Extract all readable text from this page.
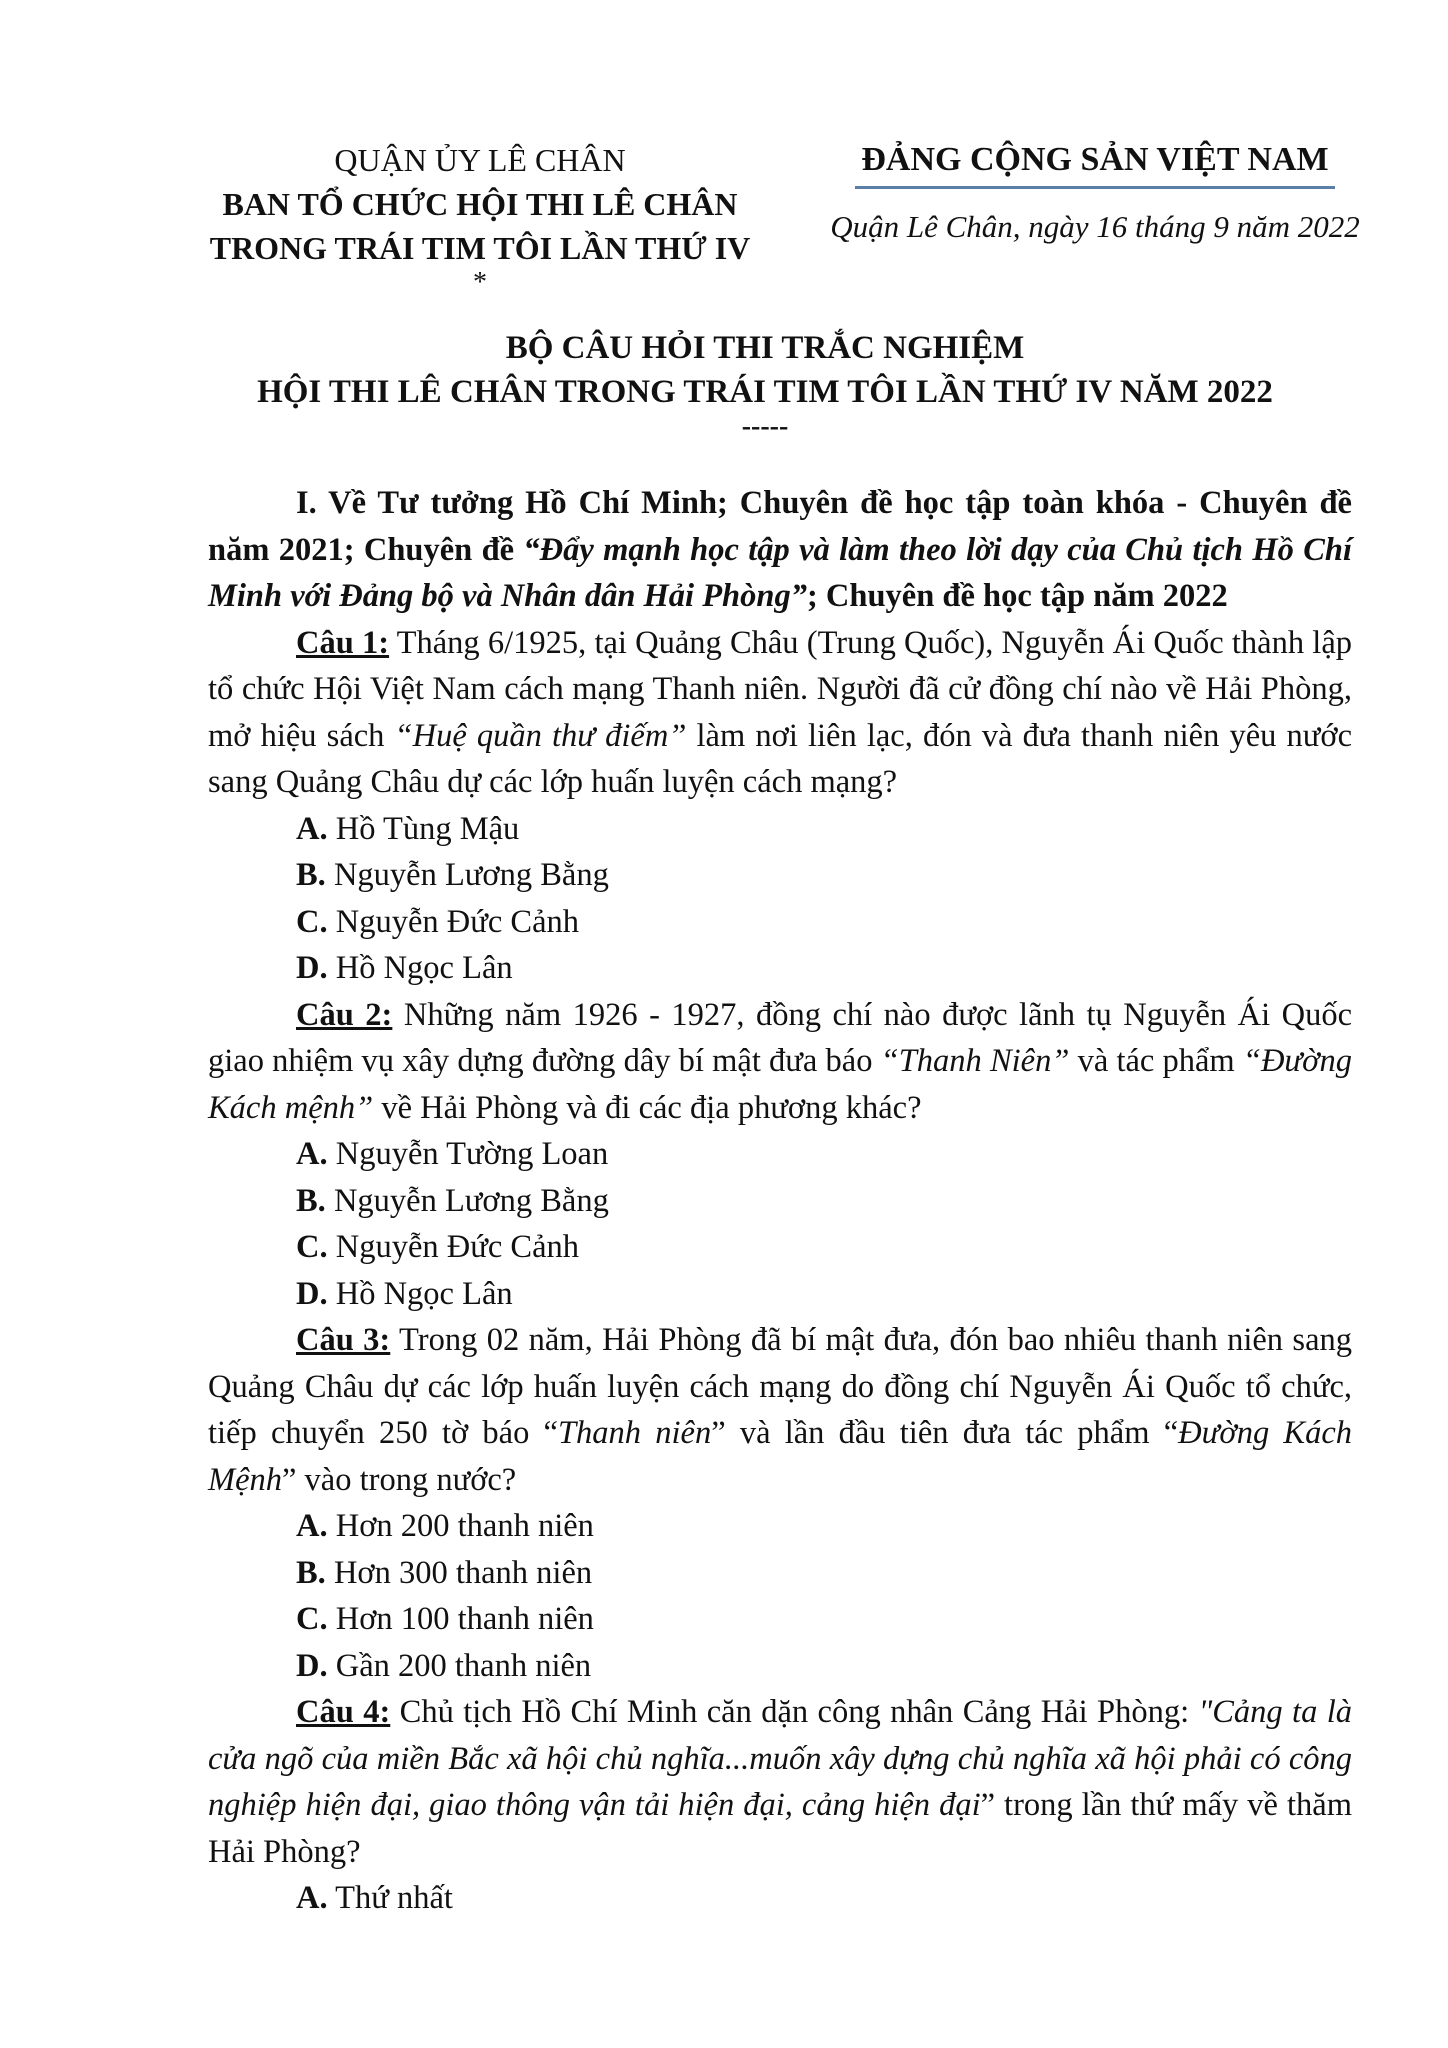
QUẬN ỦY LÊ CHÂN
BAN TỔ CHỨC HỘI THI LÊ CHÂN
TRONG TRÁI TIM TÔI LẦN THỨ IV
*
ĐẢNG CỘNG SẢN VIỆT NAM
Quận Lê Chân, ngày 16 tháng 9 năm 2022
BỘ CÂU HỎI THI TRẮC NGHIỆM
HỘI THI LÊ CHÂN TRONG TRÁI TIM TÔI LẦN THỨ IV NĂM 2022
-----

I. Về Tư tưởng Hồ Chí Minh; Chuyên đề học tập toàn khóa - Chuyên đề năm 2021; Chuyên đề “Đẩy mạnh học tập và làm theo lời dạy của Chủ tịch Hồ Chí Minh với Đảng bộ và Nhân dân Hải Phòng”; Chuyên đề học tập năm 2022

Câu 1: Tháng 6/1925, tại Quảng Châu (Trung Quốc), Nguyễn Ái Quốc thành lập tổ chức Hội Việt Nam cách mạng Thanh niên. Người đã cử đồng chí nào về Hải Phòng, mở hiệu sách “Huệ quần thư điếm” làm nơi liên lạc, đón và đưa thanh niên yêu nước sang Quảng Châu dự các lớp huấn luyện cách mạng?

A. Hồ Tùng Mậu

B. Nguyễn Lương Bằng

C. Nguyễn Đức Cảnh

D. Hồ Ngọc Lân

Câu 2: Những năm 1926 - 1927, đồng chí nào được lãnh tụ Nguyễn Ái Quốc giao nhiệm vụ xây dựng đường dây bí mật đưa báo “Thanh Niên” và tác phẩm “Đường Kách mệnh” về Hải Phòng và đi các địa phương khác?

A. Nguyễn Tường Loan

B. Nguyễn Lương Bằng

C. Nguyễn Đức Cảnh

D. Hồ Ngọc Lân

Câu 3: Trong 02 năm, Hải Phòng đã bí mật đưa, đón bao nhiêu thanh niên sang Quảng Châu dự các lớp huấn luyện cách mạng do đồng chí Nguyễn Ái Quốc tổ chức, tiếp chuyển 250 tờ báo “Thanh niên” và lần đầu tiên đưa tác phẩm “Đường Kách Mệnh” vào trong nước?

A. Hơn 200 thanh niên

B. Hơn 300 thanh niên

C. Hơn 100 thanh niên

D. Gần 200 thanh niên

Câu 4: Chủ tịch Hồ Chí Minh căn dặn công nhân Cảng Hải Phòng: "Cảng ta là cửa ngõ của miền Bắc xã hội chủ nghĩa...muốn xây dựng chủ nghĩa xã hội phải có công nghiệp hiện đại, giao thông vận tải hiện đại, cảng hiện đại” trong lần thứ mấy về thăm Hải Phòng?

A. Thứ nhất
